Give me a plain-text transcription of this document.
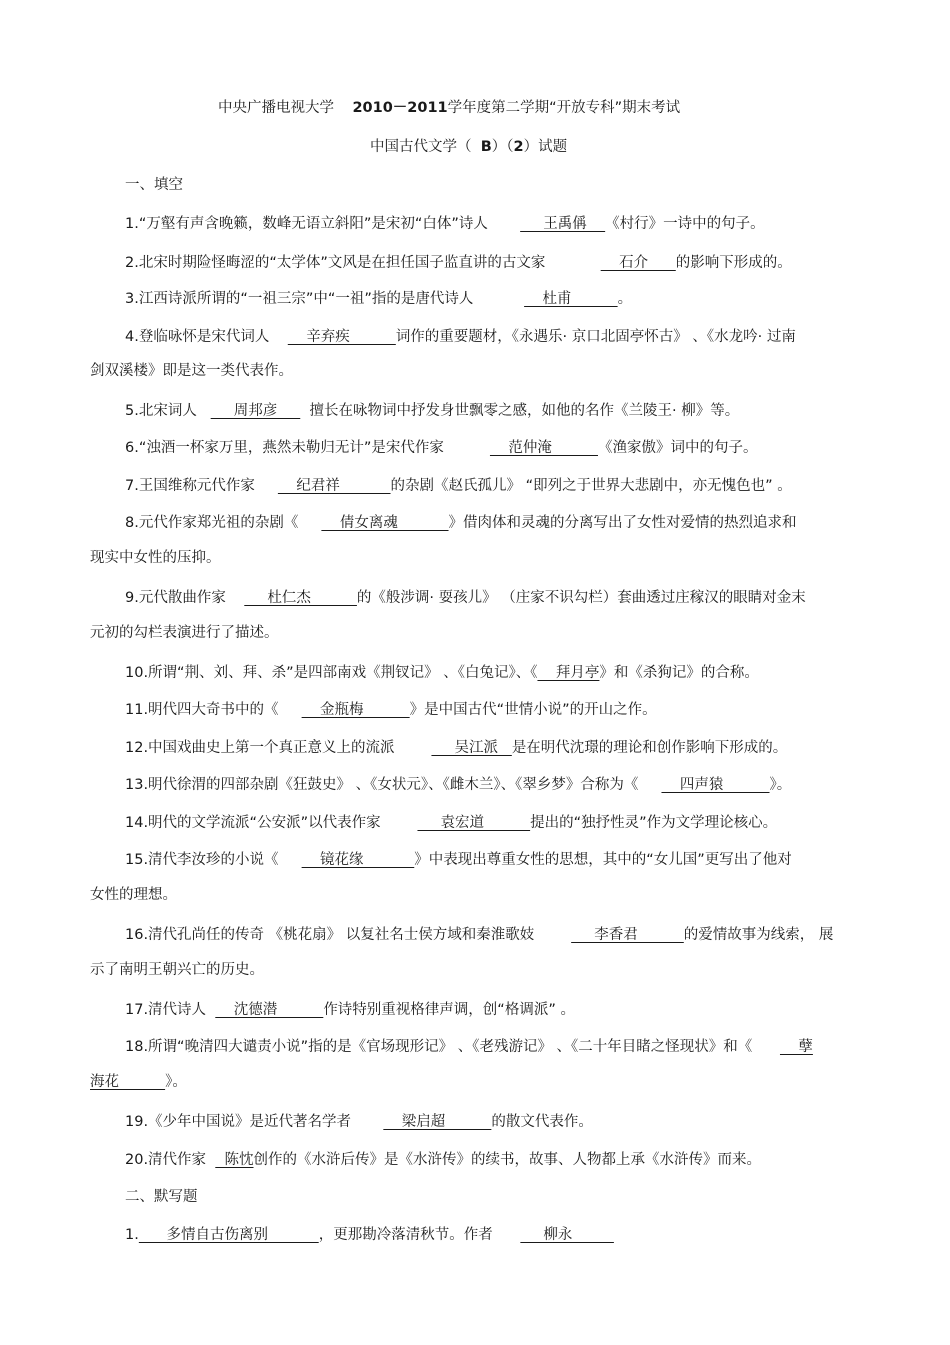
中央广播电视大学 2010－2011学年度第二学期“开放专科”期末考试
中国古代文学（ B）（2）试题
一、填空
1.“万壑有声含晚籁，数峰无语立斜阳”是宋初“白体”诗人            王禹偁    《村行》一诗中的句子。
2.北宋时期险怪晦涩的“太学体”文风是在担任国子监直讲的古文家	石介      的影响下形成的。
3.江西诗派所谓的“一祖三宗”中“一祖”指的是唐代诗人	杜甫          。
4.登临咏怀是宋代词人        辛弃疾          词作的重要题材，《永遇乐· 京口北固亭怀古》 、《水龙吟· 过南
剑双溪楼》即是这一类代表作。
5.北宋词人        周邦彦       擅长在咏物词中抒发身世飘零之感，如他的名作《兰陵王· 柳》等。
6.“浊酒一杯家万里，燕然未勒归无计”是宋代作家	范仲淹          《渔家傲》词中的句子。
7.王国维称元代作家         纪君祥           的杂剧《赵氏孤儿》 “即列之于世界大悲剧中，亦无愧色也” 。
8.元代作家郑光祖的杂剧《         倩女离魂           》借肉体和灵魂的分离写出了女性对爱情的热烈追求和
现实中女性的压抑。
9.元代散曲作家         杜仁杰          的《般涉调· 耍孩儿》 （庄家不识勾栏）套曲透过庄稼汉的眼睛对金末
元初的勾栏表演进行了描述。
10.所谓“荆、刘、拜、杀”是四部南戏《荆钗记》 、《白兔记》、《    拜月亭》和《杀狗记》的合称。
11.明代四大奇书中的《         金瓶梅          》是中国古代“世情小说”的开山之作。
12.中国戏曲史上第一个真正意义上的流派	吴江派   是在明代沈璟的理论和创作影响下形成的。
13.明代徐渭的四部杂剧《狂鼓史》 、《女状元》、《雌木兰》、《翠乡梦》合称为《         四声猿          》。
14.明代的文学流派“公安派”以代表作家	袁宏道          提出的“独抒性灵”作为文学理论核心。
15.清代李汝珍的小说《         镜花缘           》中表现出尊重女性的思想，其中的“女儿国”更写出了他对
女性的理想。
16.清代孔尚任的传奇 《桃花扇》 以复社名士侯方域和秦淮歌妓	李香君          的爱情故事为线索， 展
示了南明王朝兴亡的历史。
17.清代诗人      沈德潜          作诗特别重视格律声调，创“格调派” 。
18.所谓“晚清四大谴责小说”指的是《官场现形记》 、《老残游记》 、《二十年目睹之怪现状》和《          孽
海花          》。
19.《少年中国说》是近代著名学者           梁启超          的散文代表作。
20.清代作家    陈忱创作的《水浒后传》是《水浒传》的续书，故事、人物都上承《水浒传》而来。
二、默写题
1.      多情自古伤离别           ，更那勘冷落清秋节。作者           柳永
